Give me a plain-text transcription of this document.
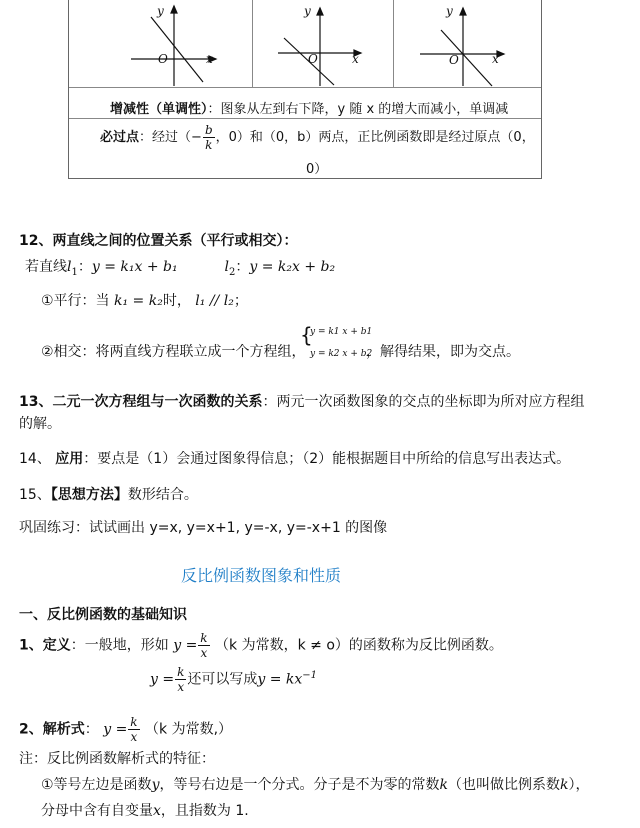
y
O	x
y
O	x
y
O	x
增减性（单调性）：图象从左到右下降，y 随 x 的增大而减小，单调减
必过点：经过（− $\frac{b}{k}$ ，0）和（0，b）两点，正比例函数即是经过原点（0，
0）
12、两直线之间的位置关系（平行或相交）：
若直线$l_1$：y = k₁x + b₁	$l_2$：y = k₂x + b₂
①平行：当 k₁ = k₂时， l₁ // l₂；
②相交：将两直线方程联立成一个方程组，
{
y = k1 x + b1
y = k2 x + b2
，解得结果，即为交点。
13、二元一次方程组与一次函数的关系：两元一次函数图象的交点的坐标即为所对应方程组
的解。
14、 应用：要点是（1）会通过图象得信息；（2）能根据题目中所给的信息写出表达式。
15、【思想方法】数形结合。
巩固练习：试试画出 y=x, y=x+1, y=-x, y=-x+1 的图像
反比例函数图象和性质
一、反比例函数的基础知识
1、定义：一般地，形如 $y = \frac{k}{x} (k$ 为常数，k ≠ o）的函数称为反比例函数。
$y = \frac{k}{x}$ 还可以写成$y = kx^{-1}$
2、解析式： $y = \frac{k}{x} (k$ 为常数,）
注：反比例函数解析式的特征：
①等号左边是函数y，等号右边是一个分式。分子是不为零的常数k（也叫做比例系数k），
分母中含有自变量x，且指数为 1.
